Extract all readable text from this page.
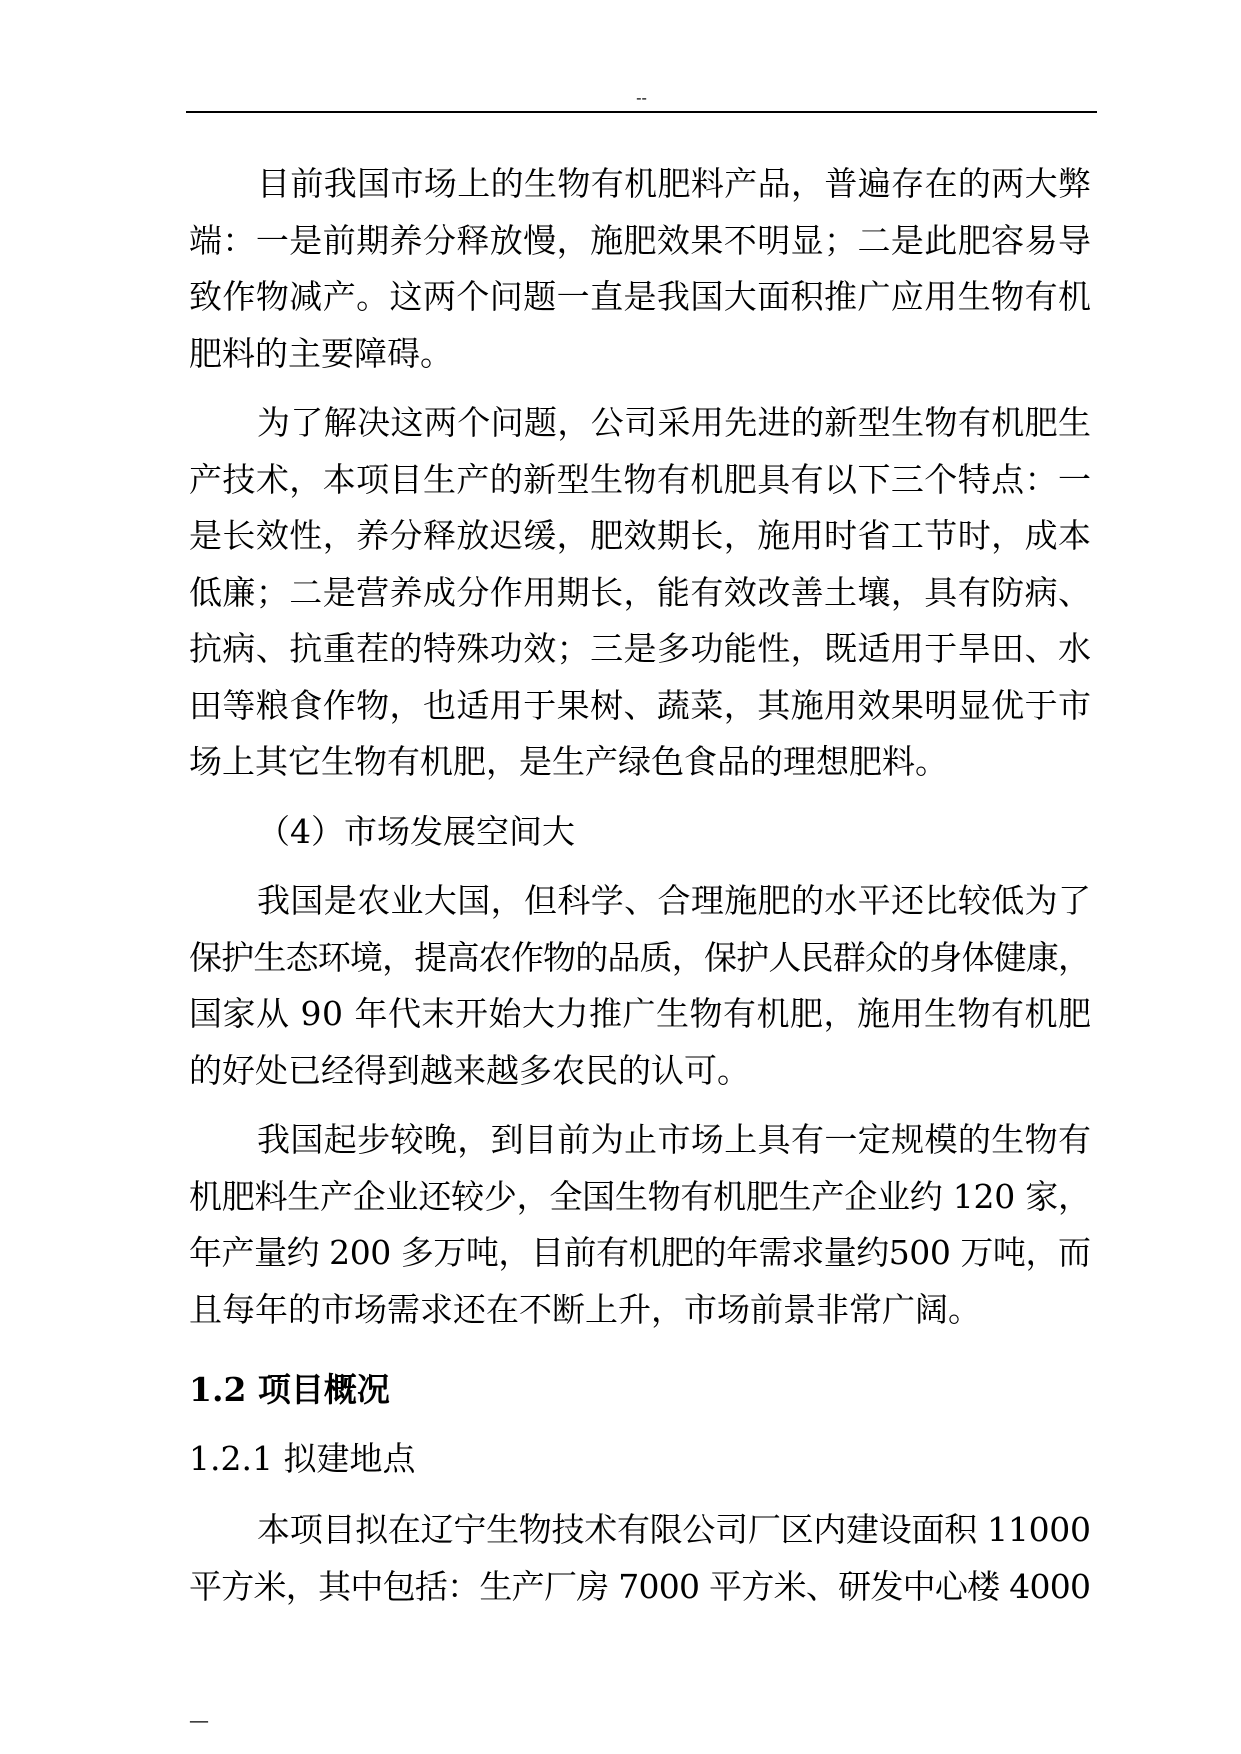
--
目前我国市场上的生物有机肥料产品，普遍存在的两大弊
端：一是前期养分释放慢，施肥效果不明显；二是此肥容易导
致作物减产。这两个问题一直是我国大面积推广应用生物有机
肥料的主要障碍。
为了解决这两个问题，公司采用先进的新型生物有机肥生
产技术，本项目生产的新型生物有机肥具有以下三个特点：一
是长效性，养分释放迟缓，肥效期长，施用时省工节时，成本
低廉；二是营养成分作用期长，能有效改善土壤，具有防病、
抗病、抗重茬的特殊功效；三是多功能性，既适用于旱田、水
田等粮食作物，也适用于果树、蔬菜，其施用效果明显优于市
场上其它生物有机肥，是生产绿色食品的理想肥料。
（4）市场发展空间大
我国是农业大国，但科学、合理施肥的水平还比较低为了
保护生态环境，提高农作物的品质，保护人民群众的身体健康，
国家从 90 年代末开始大力推广生物有机肥，施用生物有机肥
的好处已经得到越来越多农民的认可。
我国起步较晚，到目前为止市场上具有一定规模的生物有
机肥料生产企业还较少，全国生物有机肥生产企业约 120 家，
年产量约 200 多万吨，目前有机肥的年需求量约500 万吨，而
且每年的市场需求还在不断上升，市场前景非常广阔。
1.2 项目概况
1.2.1 拟建地点
本项目拟在辽宁生物技术有限公司厂区内建设面积 11000
平方米，其中包括：生产厂房 7000 平方米、研发中心楼 4000
—
